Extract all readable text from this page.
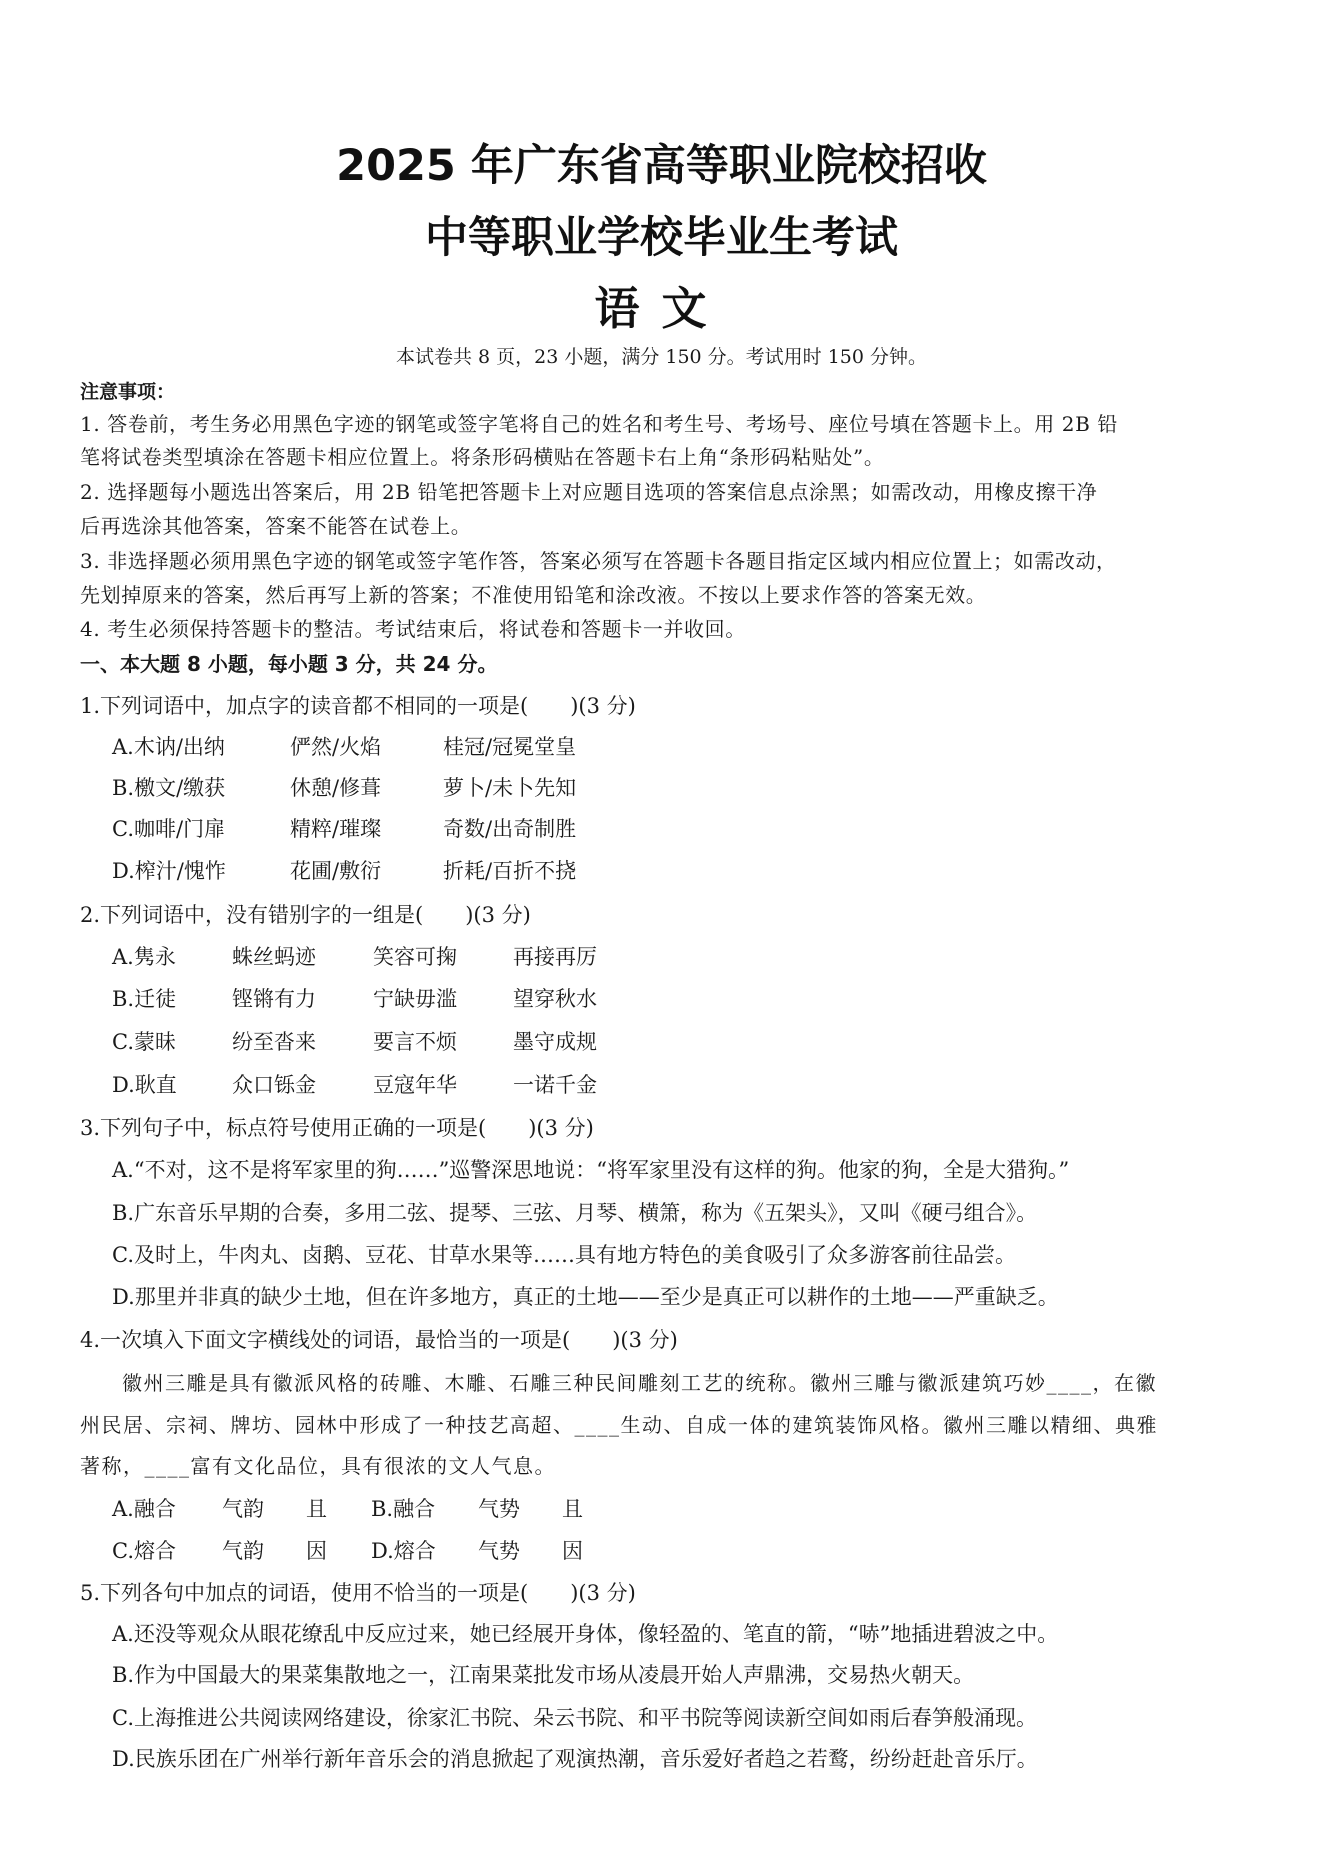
2025 年广东省高等职业院校招收
中等职业学校毕业生考试
语文
本试卷共 8 页，23 小题，满分 150 分。考试用时 150 分钟。
注意事项：
1. 答卷前，考生务必用黑色字迹的钢笔或签字笔将自己的姓名和考生号、考场号、座位号填在答题卡上。用 2B 铅
笔将试卷类型填涂在答题卡相应位置上。将条形码横贴在答题卡右上角“条形码粘贴处”。
2. 选择题每小题选出答案后，用 2B 铅笔把答题卡上对应题目选项的答案信息点涂黑；如需改动，用橡皮擦干净
后再选涂其他答案，答案不能答在试卷上。
3. 非选择题必须用黑色字迹的钢笔或签字笔作答，答案必须写在答题卡各题目指定区域内相应位置上；如需改动，
先划掉原来的答案，然后再写上新的答案；不准使用铅笔和涂改液。不按以上要求作答的答案无效。
4. 考生必须保持答题卡的整洁。考试结束后，将试卷和答题卡一并收回。
一、本大题 8 小题，每小题 3 分，共 24 分。
1.下列词语中，加点字的读音都不相同的一项是(　　)(3 分)
A.木讷/出纳	俨然/火焰	桂冠/冠冕堂皇
B.檄文/缴获	休憩/修葺	萝卜/未卜先知
C.咖啡/门扉	精粹/璀璨	奇数/出奇制胜
D.榨汁/愧怍	花圃/敷衍	折耗/百折不挠
2.下列词语中，没有错别字的一组是(　　)(3 分)
A.隽永	蛛丝蚂迹	笑容可掬	再接再厉
B.迁徒	铿锵有力	宁缺毋滥	望穿秋水
C.蒙昧	纷至沓来	要言不烦	墨守成规
D.耿直	众口铄金	豆寇年华	一诺千金
3.下列句子中，标点符号使用正确的一项是(　　)(3 分)
A.“不对，这不是将军家里的狗……”巡警深思地说：“将军家里没有这样的狗。他家的狗，全是大猎狗。”
B.广东音乐早期的合奏，多用二弦、提琴、三弦、月琴、横箫，称为《五架头》，又叫《硬弓组合》。
C.及时上，牛肉丸、卤鹅、豆花、甘草水果等……具有地方特色的美食吸引了众多游客前往品尝。
D.那里并非真的缺少土地，但在许多地方，真正的土地——至少是真正可以耕作的土地——严重缺乏。
4.一次填入下面文字横线处的词语，最恰当的一项是(　　)(3 分)
徽州三雕是具有徽派风格的砖雕、木雕、石雕三种民间雕刻工艺的统称。徽州三雕与徽派建筑巧妙____，在徽
州民居、宗祠、牌坊、园林中形成了一种技艺高超、____生动、自成一体的建筑装饰风格。徽州三雕以精细、典雅
著称，____富有文化品位，具有很浓的文人气息。
A.融合 气韵 且 B.融合 气势 且
C.熔合 气韵 因 D.熔合 气势 因
5.下列各句中加点的词语，使用不恰当的一项是(　　)(3 分)
A.还没等观众从眼花缭乱中反应过来，她已经展开身体，像轻盈的、笔直的箭，“哧”地插进碧波之中。
B.作为中国最大的果菜集散地之一，江南果菜批发市场从凌晨开始人声鼎沸，交易热火朝天。
C.上海推进公共阅读网络建设，徐家汇书院、朵云书院、和平书院等阅读新空间如雨后春笋般涌现。
D.民族乐团在广州举行新年音乐会的消息掀起了观演热潮，音乐爱好者趋之若鹜，纷纷赶赴音乐厅。
